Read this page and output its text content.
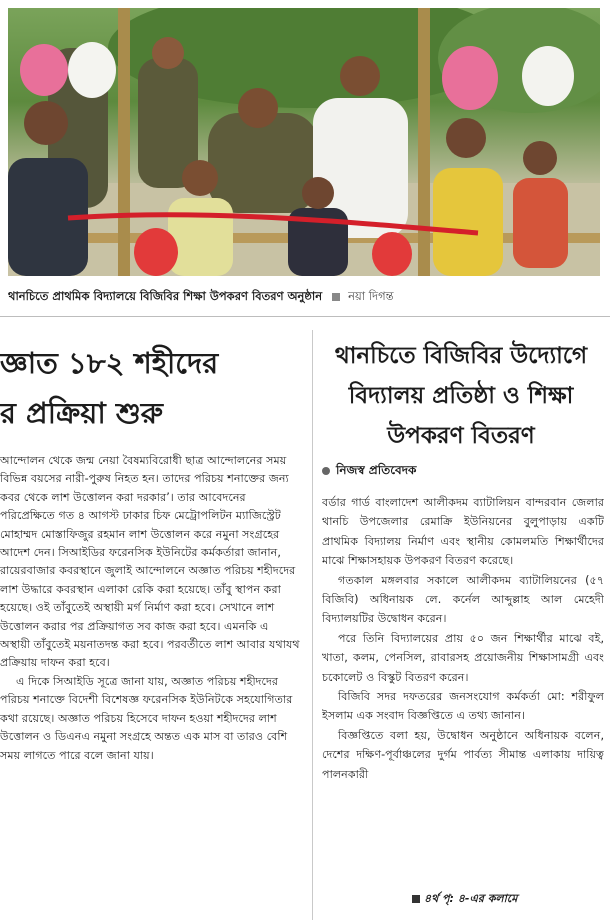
থানচিতে প্রাথমিক বিদ্যালয়ে বিজিবির শিক্ষা উপকরণ বিতরণ অনুষ্ঠান নয়া দিগন্ত
জ্ঞাত ১৮২ শহীদের
র প্রক্রিয়া শুরু

আন্দোলন থেকে জন্ম নেয়া বৈষম্যবিরোধী ছাত্র আন্দোলনের সময় বিভিন্ন বয়সের নারী-পুরুষ নিহত হন। তাদের পরিচয় শনাক্তের জন্য কবর থেকে লাশ উত্তোলন করা দরকার’। তার আবেদনের পরিপ্রেক্ষিতে গত ৪ আগস্ট ঢাকার চিফ মেট্রোপলিটন ম্যাজিস্ট্রেট মোহাম্মদ মোস্তাফিজুর রহমান লাশ উত্তোলন করে নমুনা সংগ্রহের আদেশ দেন। সিআইডির ফরেনসিক ইউনিটের কর্মকর্তারা জানান, রায়েরবাজার কবরস্থানে জুলাই আন্দোলনে অজ্ঞাত পরিচয় শহীদদের লাশ উদ্ধারে কবরস্থান এলাকা রেকি করা হয়েছে। তাঁবু স্থাপন করা হয়েছে। ওই তাঁবুতেই অস্থায়ী মর্গ নির্মাণ করা হবে। সেখানে লাশ উত্তোলন করার পর প্রক্রিয়াগত সব কাজ করা হবে। এমনকি এ অস্থায়ী তাঁবুতেই ময়নাতদন্ত করা হবে। পরবর্তীতে লাশ আবার যথাযথ প্রক্রিয়ায় দাফন করা হবে।

এ দিকে সিআইডি সূত্রে জানা যায়, অজ্ঞাত পরিচয় শহীদদের পরিচয় শনাক্তে বিদেশী বিশেষজ্ঞ ফরেনসিক ইউনিটকে সহযোগিতার কথা রয়েছে। অজ্ঞাত পরিচয় হিসেবে দাফন হওয়া শহীদদের লাশ উত্তোলন ও ডিএনএ নমুনা সংগ্রহে অন্তত এক মাস বা তারও বেশি সময় লাগতে পারে বলে জানা যায়।

থানচিতে বিজিবির উদ্যোগে
বিদ্যালয় প্রতিষ্ঠা ও শিক্ষা
উপকরণ বিতরণ
নিজস্ব প্রতিবেদক

বর্ডার গার্ড বাংলাদেশ আলীকদম ব্যাটালিয়ন বান্দরবান জেলার থানচি উপজেলার রেমাক্রি ইউনিয়নের বুলুপাড়ায় একটি প্রাথমিক বিদ্যালয় নির্মাণ এবং স্থানীয় কোমলমতি শিক্ষার্থীদের মাঝে শিক্ষাসহায়ক উপকরণ বিতরণ করেছে।

গতকাল মঙ্গলবার সকালে আলীকদম ব্যাটালিয়নের (৫৭ বিজিবি) অধিনায়ক লে. কর্নেল আব্দুল্লাহ আল মেহেদী বিদ্যালয়টির উদ্বোধন করেন।

পরে তিনি বিদ্যালয়ের প্রায় ৫০ জন শিক্ষার্থীর মাঝে বই, খাতা, কলম, পেনসিল, রাবারসহ প্রয়োজনীয় শিক্ষাসামগ্রী এবং চকোলেট ও বিস্কুট বিতরণ করেন।

বিজিবি সদর দফতরের জনসংযোগ কর্মকর্তা মো: শরীফুল ইসলাম এক সংবাদ বিজ্ঞপ্তিতে এ তথ্য জানান।

বিজ্ঞপ্তিতে বলা হয়, উদ্বোধন অনুষ্ঠানে অধিনায়ক বলেন, দেশের দক্ষিণ-পূর্বাঞ্চলের দুর্গম পার্বত্য সীমান্ত এলাকায় দায়িত্ব পালনকারী

৪র্থ পৃ: ৪-এর কলামে
